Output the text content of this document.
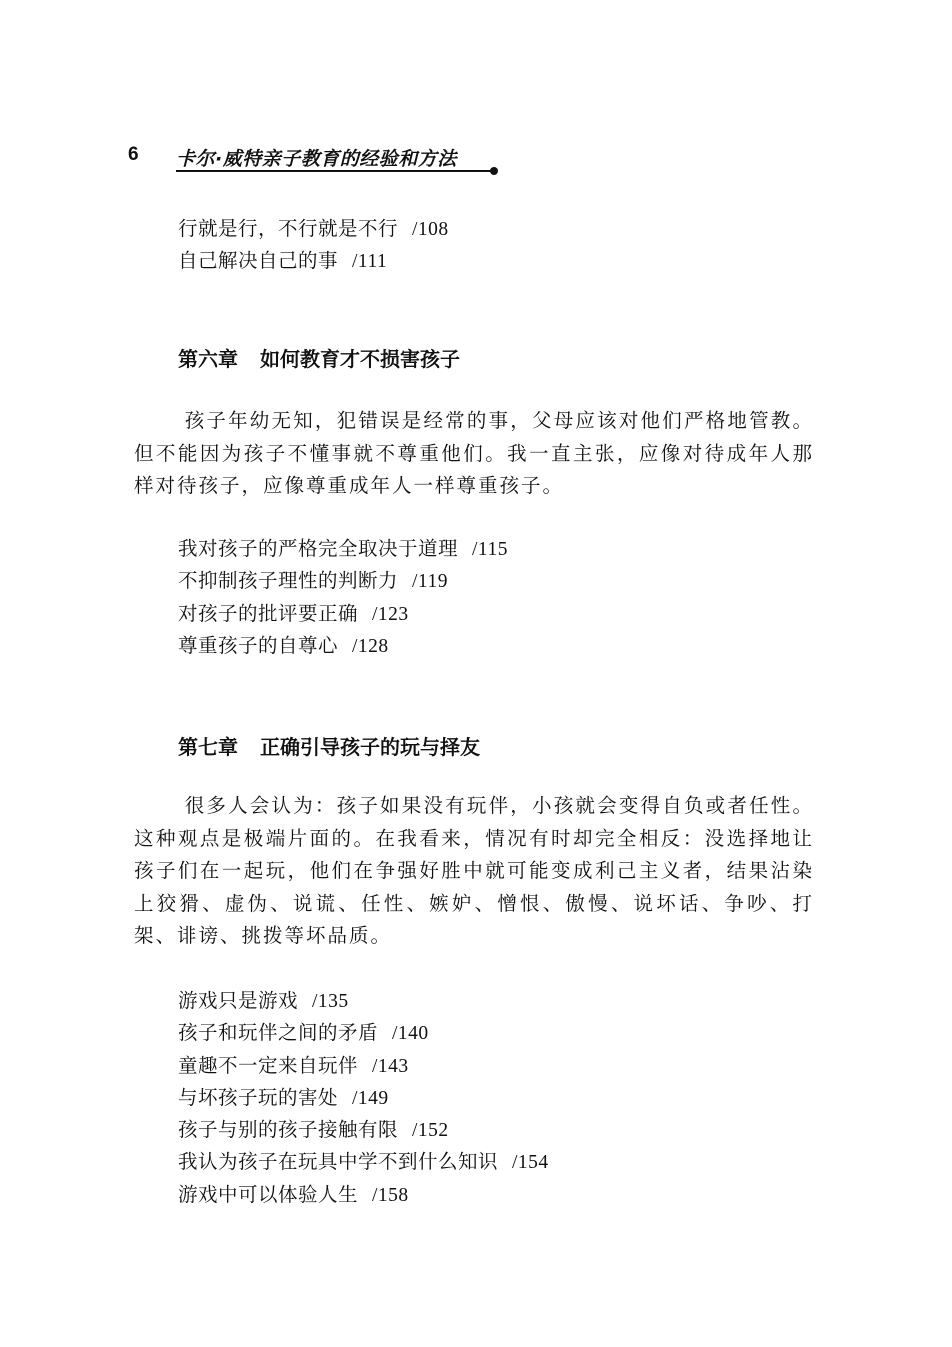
6 卡尔·威特亲子教育的经验和方法
行就是行，不行就是不行 /108
自己解决自己的事 /111
第六章 如何教育才不损害孩子

孩子年幼无知，犯错误是经常的事，父母应该对他们严格地管教。但不能因为孩子不懂事就不尊重他们。我一直主张，应像对待成年人那样对待孩子，应像尊重成年人一样尊重孩子。

我对孩子的严格完全取决于道理 /115
不抑制孩子理性的判断力 /119
对孩子的批评要正确 /123
尊重孩子的自尊心 /128
第七章 正确引导孩子的玩与择友

很多人会认为：孩子如果没有玩伴，小孩就会变得自负或者任性。这种观点是极端片面的。在我看来，情况有时却完全相反：没选择地让孩子们在一起玩，他们在争强好胜中就可能变成利己主义者，结果沾染上狡猾、虚伪、说谎、任性、嫉妒、憎恨、傲慢、说坏话、争吵、打架、诽谤、挑拨等坏品质。

游戏只是游戏 /135
孩子和玩伴之间的矛盾 /140
童趣不一定来自玩伴 /143
与坏孩子玩的害处 /149
孩子与别的孩子接触有限 /152
我认为孩子在玩具中学不到什么知识 /154
游戏中可以体验人生 /158
